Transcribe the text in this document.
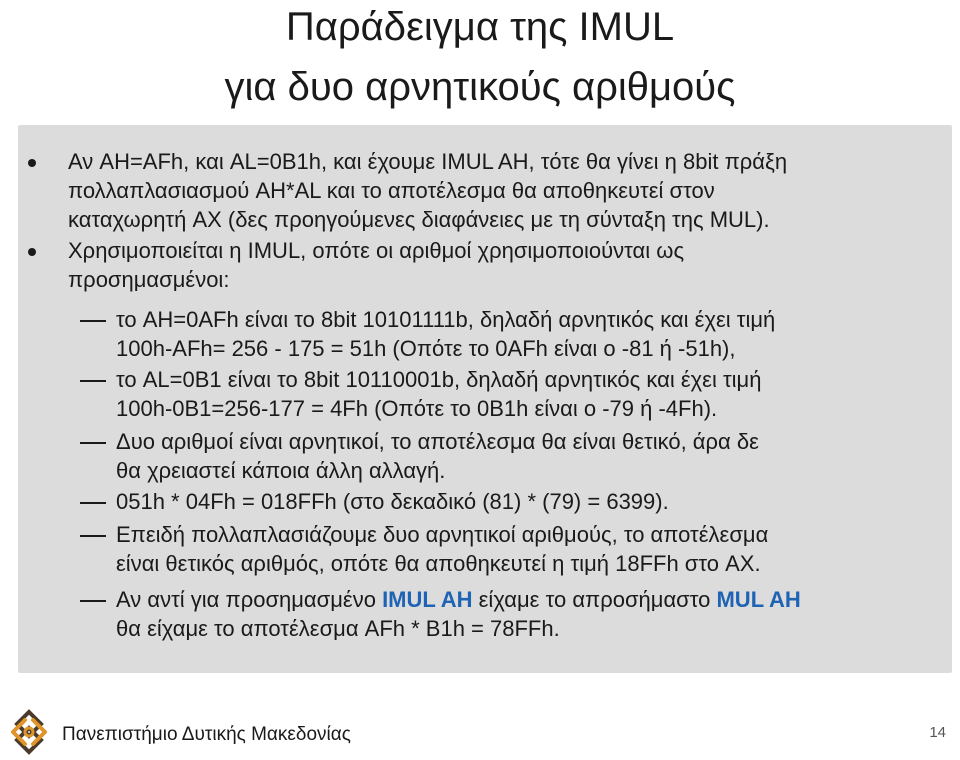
Παράδειγμα της IMUL
για δυο αρνητικούς αριθμούς
Αν AH=AFh, και AL=0B1h, και έχουμε IMUL AH, τότε θα γίνει η 8bit πράξη
πολλαπλασιασμού AH*AL και το αποτέλεσμα θα αποθηκευτεί στον
καταχωρητή AX (δες προηγούμενες διαφάνειες με τη σύνταξη της MUL).
Χρησιμοποιείται η IMUL, οπότε οι αριθμοί χρησιμοποιούνται ως
προσημασμένοι:
το AH=0AFh είναι το 8bit 10101111b, δηλαδή αρνητικός και έχει τιμή
100h-AFh= 256 - 175 = 51h (Οπότε το 0AFh είναι ο -81 ή -51h),
το AL=0B1 είναι το 8bit 10110001b, δηλαδή αρνητικός και έχει τιμή
100h-0B1=256-177 = 4Fh (Οπότε το 0B1h είναι ο -79 ή -4Fh).
Δυο αριθμοί είναι αρνητικοί, το αποτέλεσμα θα είναι θετικό, άρα δε
θα χρειαστεί κάποια άλλη αλλαγή.
051h * 04Fh = 018FFh (στο δεκαδικό (81) * (79) = 6399).
Επειδή πολλαπλασιάζουμε δυο αρνητικοί αριθμούς, το αποτέλεσμα
είναι θετικός αριθμός, οπότε θα αποθηκευτεί η τιμή 18FFh στο AX.
Αν αντί για προσημασμένο IMUL AH είχαμε το απροσήμαστο MUL AH
θα είχαμε το αποτέλεσμα AFh * B1h = 78FFh.
Πανεπιστήμιο Δυτικής Μακεδονίας	14
